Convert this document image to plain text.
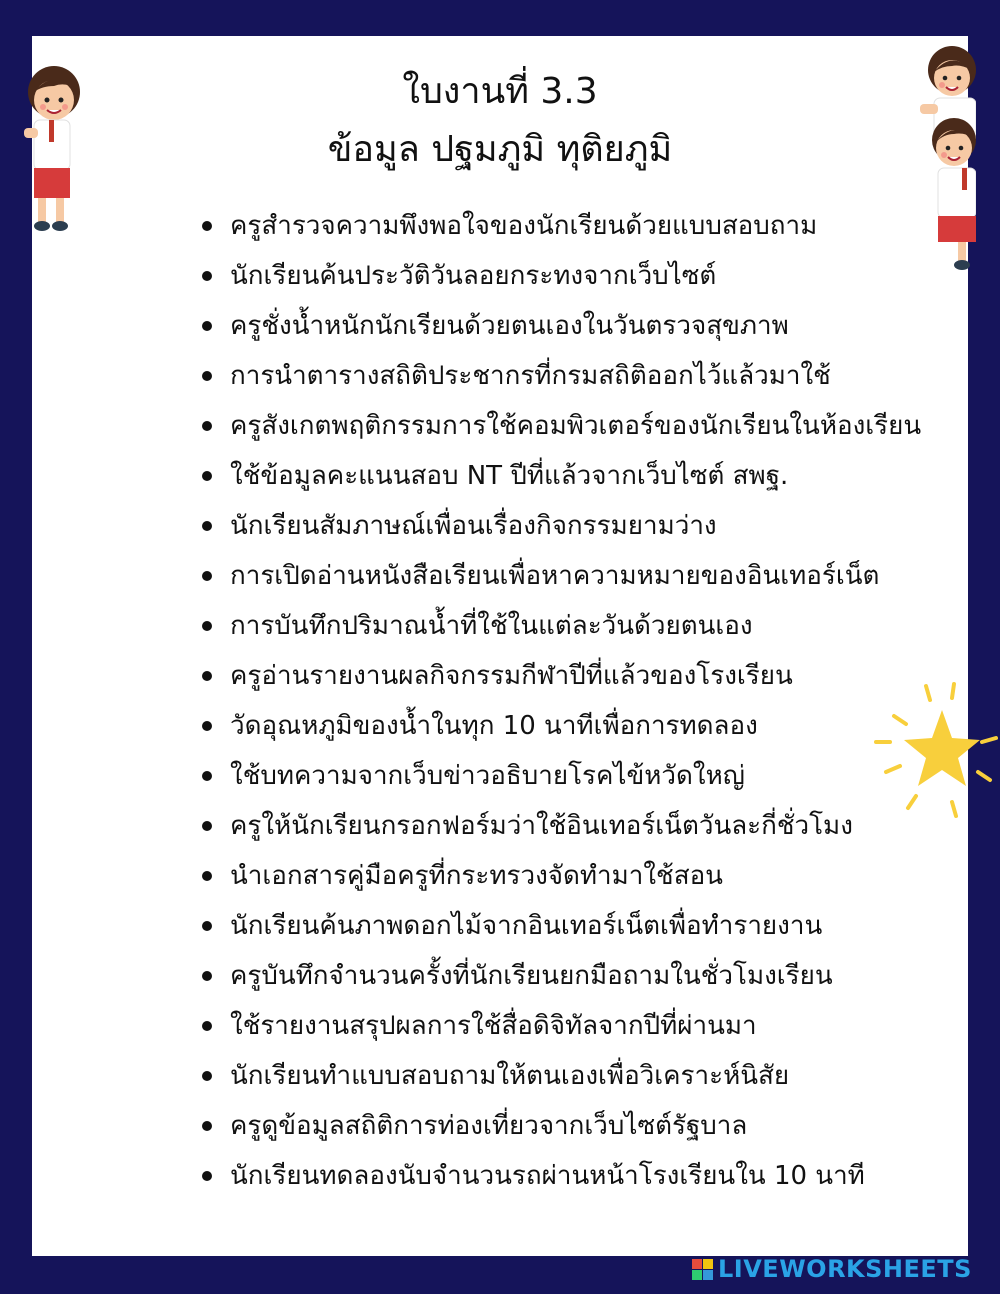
ใบงานที่ 3.3
ข้อมูล ปฐมภูมิ ทุติยภูมิ
ครูสำรวจความพึงพอใจของนักเรียนด้วยแบบสอบถาม
นักเรียนค้นประวัติวันลอยกระทงจากเว็บไซต์
ครูชั่งน้ำหนักนักเรียนด้วยตนเองในวันตรวจสุขภาพ
การนำตารางสถิติประชากรที่กรมสถิติออกไว้แล้วมาใช้
ครูสังเกตพฤติกรรมการใช้คอมพิวเตอร์ของนักเรียนในห้องเรียน
ใช้ข้อมูลคะแนนสอบ NT ปีที่แล้วจากเว็บไซต์ สพฐ.
นักเรียนสัมภาษณ์เพื่อนเรื่องกิจกรรมยามว่าง
การเปิดอ่านหนังสือเรียนเพื่อหาความหมายของอินเทอร์เน็ต
การบันทึกปริมาณน้ำที่ใช้ในแต่ละวันด้วยตนเอง
ครูอ่านรายงานผลกิจกรรมกีฬาปีที่แล้วของโรงเรียน
วัดอุณหภูมิของน้ำในทุก 10 นาทีเพื่อการทดลอง
ใช้บทความจากเว็บข่าวอธิบายโรคไข้หวัดใหญ่
ครูให้นักเรียนกรอกฟอร์มว่าใช้อินเทอร์เน็ตวันละกี่ชั่วโมง
นำเอกสารคู่มือครูที่กระทรวงจัดทำมาใช้สอน
นักเรียนค้นภาพดอกไม้จากอินเทอร์เน็ตเพื่อทำรายงาน
ครูบันทึกจำนวนครั้งที่นักเรียนยกมือถามในชั่วโมงเรียน
ใช้รายงานสรุปผลการใช้สื่อดิจิทัลจากปีที่ผ่านมา
นักเรียนทำแบบสอบถามให้ตนเองเพื่อวิเคราะห์นิสัย
ครูดูข้อมูลสถิติการท่องเที่ยวจากเว็บไซต์รัฐบาล
นักเรียนทดลองนับจำนวนรถผ่านหน้าโรงเรียนใน 10 นาที
LIVEWORKSHEETS
